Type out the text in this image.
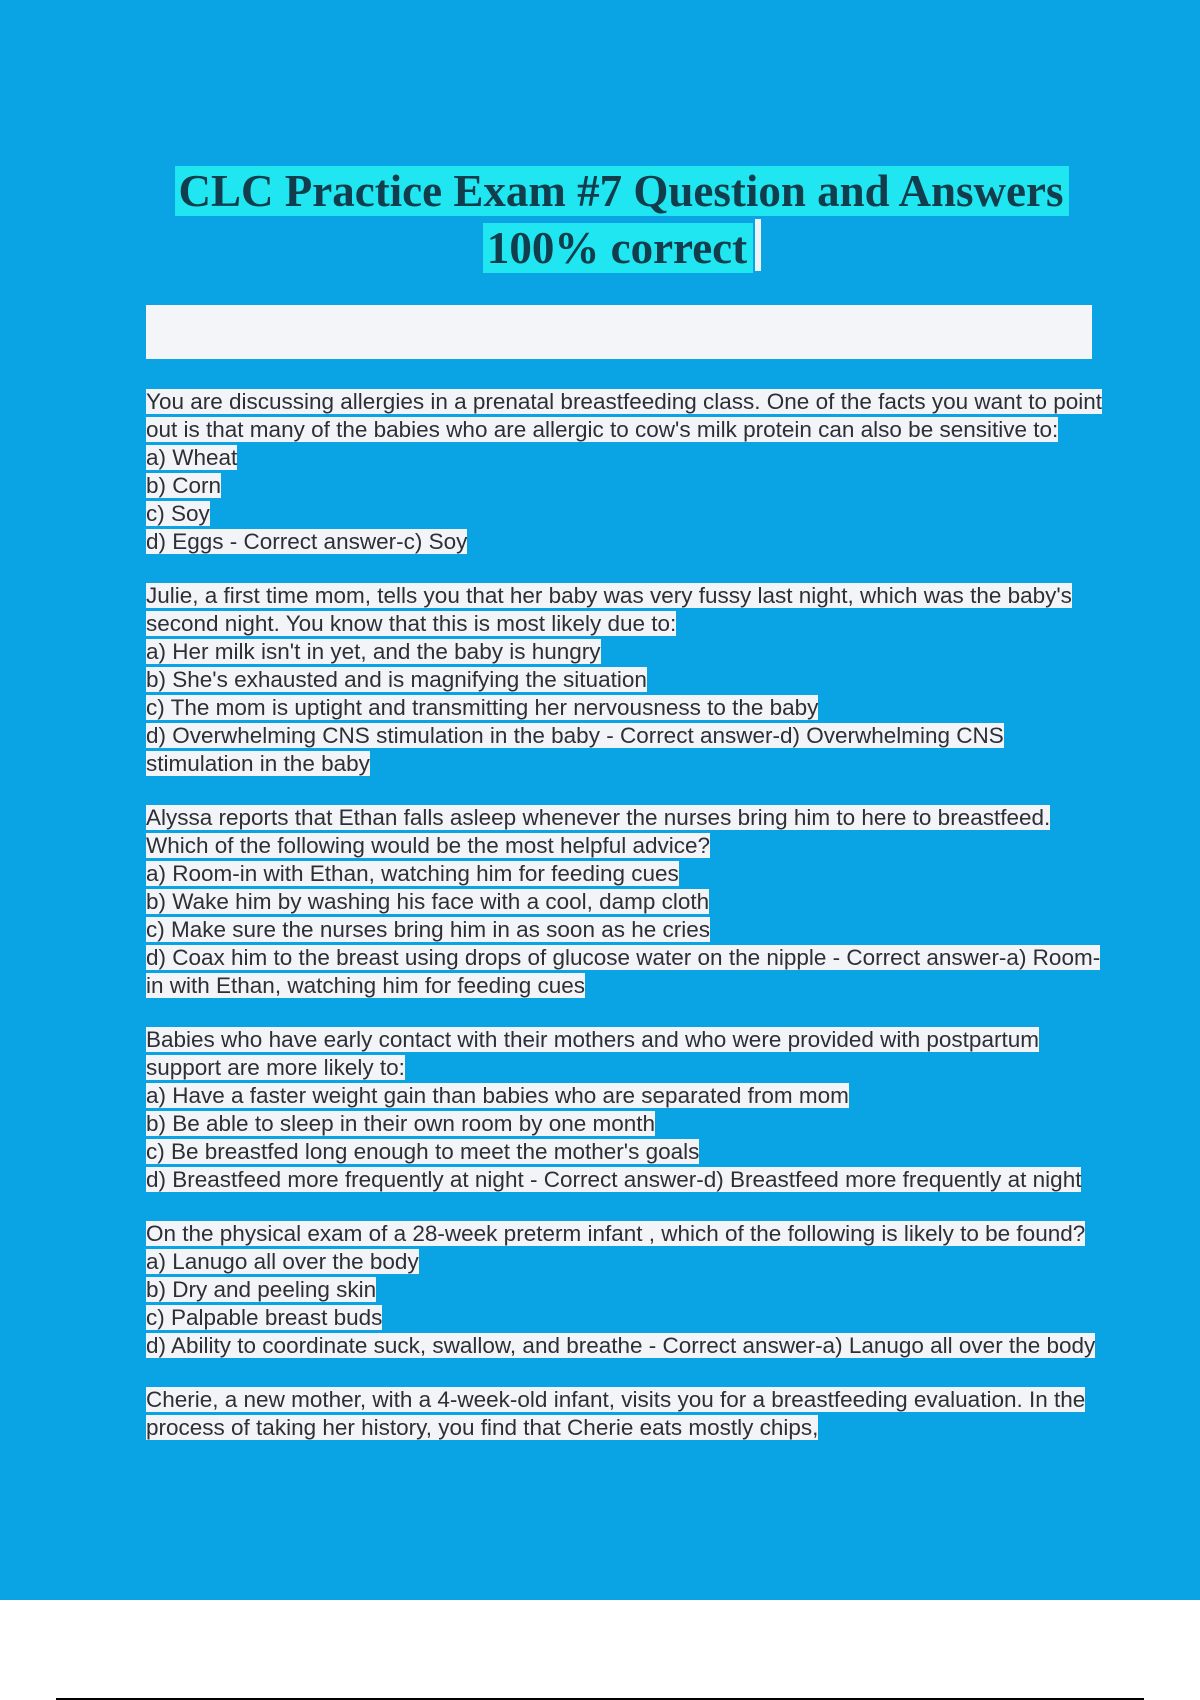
CLC Practice Exam #7 Question and Answers
100% correct

You are discussing allergies in a prenatal breastfeeding class. One of the facts you want to point out is that many of the babies who are allergic to cow's milk protein can also be sensitive to:

a) Wheat

b) Corn

c) Soy

d) Eggs - Correct answer-c) Soy

Julie, a first time mom, tells you that her baby was very fussy last night, which was the baby's second night. You know that this is most likely due to:

a) Her milk isn't in yet, and the baby is hungry

b) She's exhausted and is magnifying the situation

c) The mom is uptight and transmitting her nervousness to the baby

d) Overwhelming CNS stimulation in the baby - Correct answer-d) Overwhelming CNS stimulation in the baby

Alyssa reports that Ethan falls asleep whenever the nurses bring him to here to breastfeed. Which of the following would be the most helpful advice?

a) Room-in with Ethan, watching him for feeding cues

b) Wake him by washing his face with a cool, damp cloth

c) Make sure the nurses bring him in as soon as he cries

d) Coax him to the breast using drops of glucose water on the nipple - Correct answer-a) Room-in with Ethan, watching him for feeding cues

Babies who have early contact with their mothers and who were provided with postpartum support are more likely to:

a) Have a faster weight gain than babies who are separated from mom

b) Be able to sleep in their own room by one month

c) Be breastfed long enough to meet the mother's goals

d) Breastfeed more frequently at night - Correct answer-d) Breastfeed more frequently at night

On the physical exam of a 28-week preterm infant , which of the following is likely to be found?

a) Lanugo all over the body

b) Dry and peeling skin

c) Palpable breast buds

d) Ability to coordinate suck, swallow, and breathe - Correct answer-a) Lanugo all over the body

Cherie, a new mother, with a 4-week-old infant, visits you for a breastfeeding evaluation. In the process of taking her history, you find that Cherie eats mostly chips,
